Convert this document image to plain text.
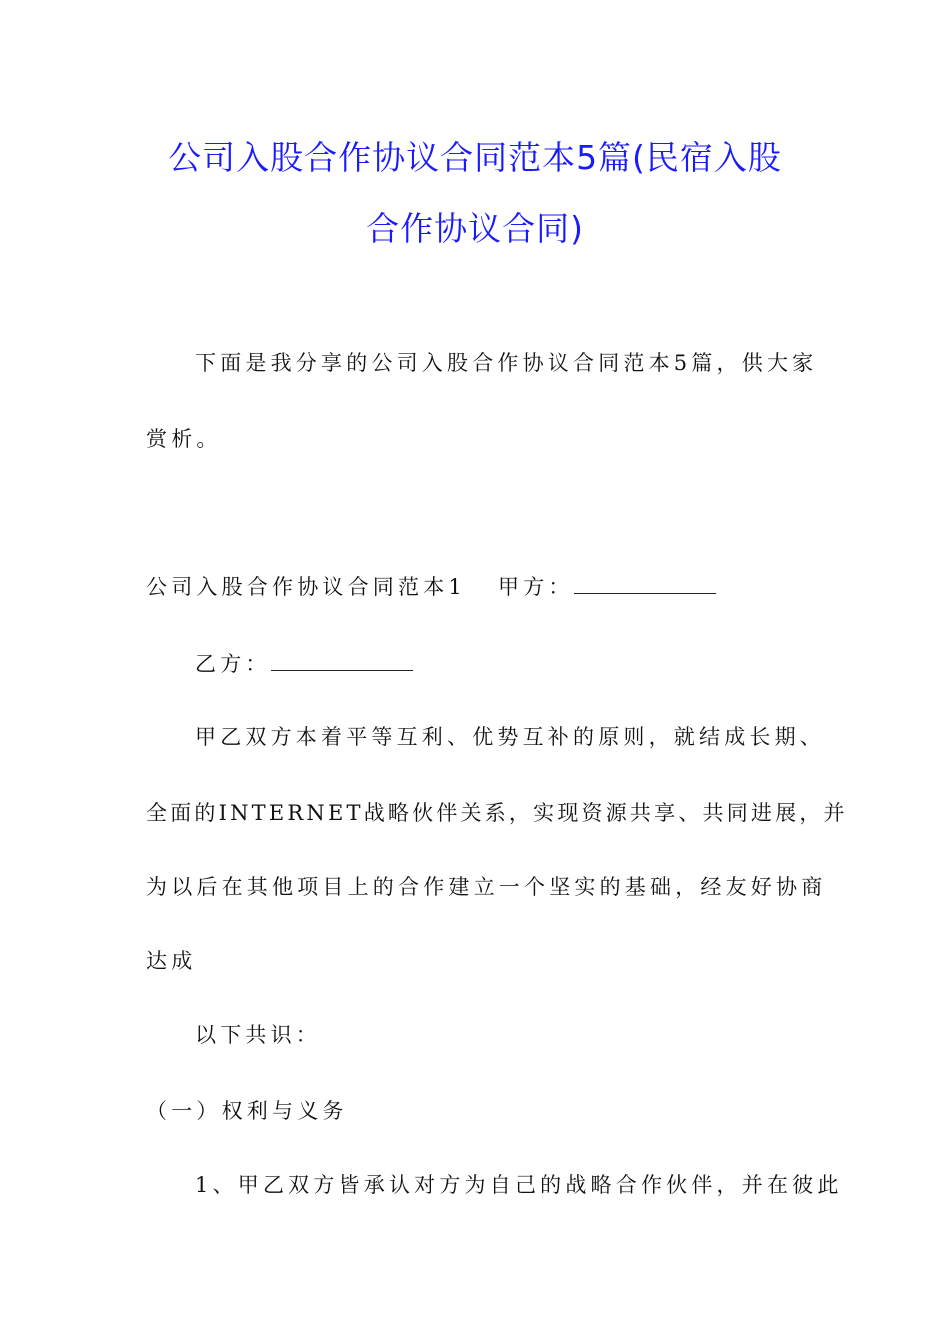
公司入股合作协议合同范本5篇(民宿入股
合作协议合同)
下面是我分享的公司入股合作协议合同范本5篇，供大家
赏析。
公司入股合作协议合同范本1 甲方：
乙方：
甲乙双方本着平等互利、优势互补的原则，就结成长期、
全面的INTERNET战略伙伴关系，实现资源共享、共同进展，并
为以后在其他项目上的合作建立一个坚实的基础，经友好协商
达成
以下共识：
（一）权利与义务
1、甲乙双方皆承认对方为自己的战略合作伙伴，并在彼此
